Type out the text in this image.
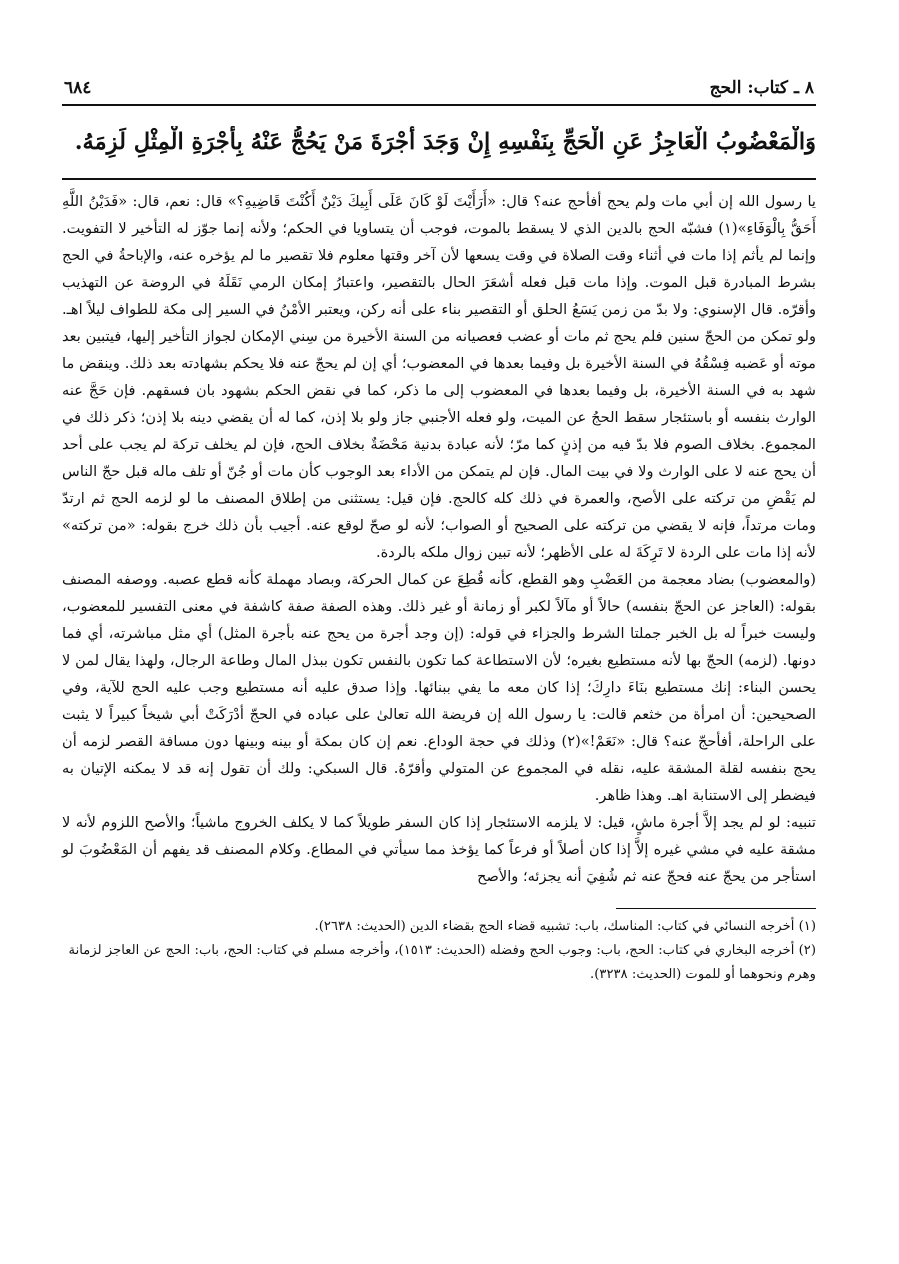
٨ ـ كتاب: الحج
٦٨٤
وَالْمَعْضُوبُ الْعَاجِزُ عَنِ الْحَجِّ بِنَفْسِهِ إِنْ وَجَدَ أُجْرَةَ مَنْ يَحُجُّ عَنْهُ بِأُجْرَةِ الْمِثْلِ لَزِمَهُ.

يا رسول الله إن أبي مات ولم يحج أفأحج عنه؟ قال: «أَرَأَيْتَ لَوْ كَانَ عَلَى أَبِيكَ دَيْنٌ أَكُنْتَ قَاضِيهِ؟» قال: نعم، قال: «فَدَيْنُ اللَّهِ أَحَقُّ بِالْوَفَاءِ»(١) فشبّه الحج بالدين الذي لا يسقط بالموت، فوجب أن يتساويا في الحكم؛ ولأنه إنما جوّز له التأخير لا التفويت. وإنما لم يأثم إذا مات في أثناء وقت الصلاة في وقت يسعها لأن آخر وقتها معلوم فلا تقصير ما لم يؤخره عنه، والإباحةُ في الحج بشرط المبادرة قبل الموت. وإذا مات قبل فعله أشعَرَ الحال بالتقصير، واعتبارُ إمكان الرمي نَقَلَهُ في الروضة عن التهذيب وأقرّه. قال الإسنوي: ولا بدّ من زمن يَسَعُ الحلق أو التقصير بناء على أنه ركن، ويعتبر الأمْنُ في السير إلى مكة للطواف ليلاً اهـ. ولو تمكن من الحجّ سنين فلم يحج ثم مات أو عضب فعصيانه من السنة الأخيرة من سِني الإمكان لجواز التأخير إليها، فيتبين بعد موته أو عَضبه فِسْقُهُ في السنة الأخيرة بل وفيما بعدها في المعضوب؛ أي إن لم يحجّ عنه فلا يحكم بشهادته بعد ذلك. وينقض ما شهد به في السنة الأخيرة، بل وفيما بعدها في المعضوب إلى ما ذكر، كما في نقض الحكم بشهود بان فسقهم. فإن حَجَّ عنه الوارث بنفسه أو باستئجار سقط الحجُ عن الميت، ولو فعله الأجنبي جاز ولو بلا إذن، كما له أن يقضي دينه بلا إذن؛ ذكر ذلك في المجموع. بخلاف الصوم فلا بدّ فيه من إذنٍ كما مرّ؛ لأنه عبادة بدنية مَحْضَةٌ بخلاف الحج، فإن لم يخلف تركة لم يجب على أحد أن يحج عنه لا على الوارث ولا في بيت المال. فإن لم يتمكن من الأداء بعد الوجوب كأن مات أو جُنّ أو تلف ماله قبل حجّ الناس لم يَقْضِ من تركته على الأصح، والعمرة في ذلك كله كالحج. فإن قيل: يستثنى من إطلاق المصنف ما لو لزمه الحج ثم ارتدّ ومات مرتداً، فإنه لا يقضي من تركته على الصحيح أو الصواب؛ لأنه لو صحّ لوقع عنه. أجيب بأن ذلك خرج بقوله: «من تركته» لأنه إذا مات على الردة لا تَرِكَةَ له على الأظهر؛ لأنه تبين زوال ملكه بالردة.

(والمعضوب) بضاد معجمة من العَضْبِ وهو القطع، كأنه قُطِعَ عن كمال الحركة، وبصاد مهملة كأنه قطع عصبه. ووصفه المصنف بقوله: (العاجز عن الحجّ بنفسه) حالاً أو مآلاً لكبر أو زمانة أو غير ذلك. وهذه الصفة صفة كاشفة في معنى التفسير للمعضوب، وليست خبراً له بل الخبر جملتا الشرط والجزاء في قوله: (إن وجد أجرة من يحج عنه بأجرة المثل) أي مثل مباشرته، أي فما دونها. (لزمه) الحجّ بها لأنه مستطيع بغيره؛ لأن الاستطاعة كما تكون بالنفس تكون ببذل المال وطاعة الرجال، ولهذا يقال لمن لا يحسن البناء: إنك مستطيع بنَاءَ دارِكَ؛ إذا كان معه ما يفي ببنائها. وإذا صدق عليه أنه مستطيع وجب عليه الحج للآية، وفي الصحيحين: أن امرأة من خثعم قالت: يا رسول الله إن فريضة الله تعالىٰ على عباده في الحجّ أدْرَكَتْ أبي شيخاً كبيراً لا يثبت على الراحلة، أفأحجّ عنه؟ قال: «نَعَمْ!»(٢) وذلك في حجة الوداع. نعم إن كان بمكة أو بينه وبينها دون مسافة القصر لزمه أن يحج بنفسه لقلة المشقة عليه، نقله في المجموع عن المتولي وأقرّهُ. قال السبكي: ولك أن تقول إنه قد لا يمكنه الإتيان به فيضطر إلى الاستنابة اهـ. وهذا ظاهر.

تنبيه: لو لم يجد إلاَّ أجرة ماشٍ، قيل: لا يلزمه الاستئجار إذا كان السفر طويلاً كما لا يكلف الخروج ماشياً؛ والأصح اللزوم لأنه لا مشقة عليه في مشي غيره إلاَّ إذا كان أصلاً أو فرعاً كما يؤخذ مما سيأتي في المطاع. وكلام المصنف قد يفهم أن المَعْضُوبَ لو استأجر من يحجّ عنه فحجّ عنه ثم شُفِيَ أنه يجزئه؛ والأصح

(١) أخرجه النسائي في كتاب: المناسك، باب: تشبيه قضاء الحج بقضاء الدين (الحديث: ٢٦٣٨).

(٢) أخرجه البخاري في كتاب: الحج، باب: وجوب الحج وفضله (الحديث: ١٥١٣)، وأخرجه مسلم في كتاب: الحج، باب: الحج عن العاجز لزمانة وهرم ونحوهما أو للموت (الحديث: ٣٢٣٨).
